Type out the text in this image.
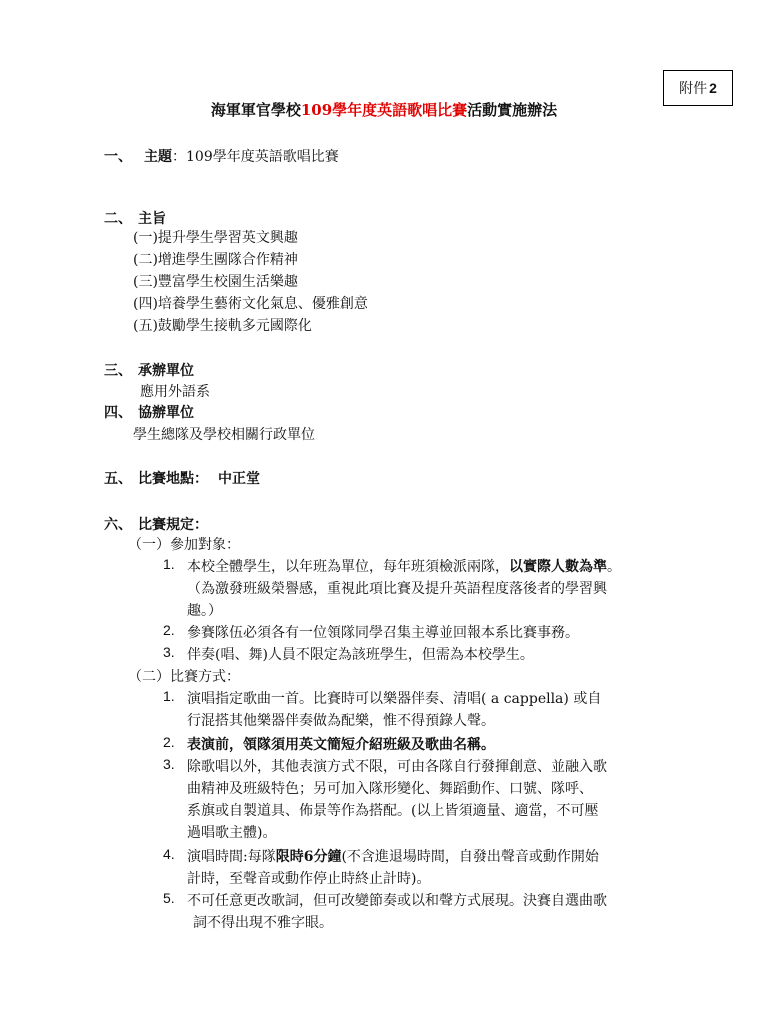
附件 2
海軍軍官學校109學年度英語歌唱比賽活動實施辦法
一、 主題：109學年度英語歌唱比賽
二、 主旨
(一)提升學生學習英文興趣
(二)增進學生團隊合作精神
(三)豐富學生校園生活樂趣
(四)培養學生藝術文化氣息、優雅創意
(五)鼓勵學生接軌多元國際化
三、 承辦單位
應用外語系
四、 協辦單位
學生總隊及學校相關行政單位
五、 比賽地點： 中正堂
六、 比賽規定：
（一）參加對象：
1. 本校全體學生，以年班為單位，每年班須檢派兩隊，以實際人數為準。
（為激發班級榮譽感，重視此項比賽及提升英語程度落後者的學習興
趣。）
2. 參賽隊伍必須各有一位領隊同學召集主導並回報本系比賽事務。
3. 伴奏(唱、舞)人員不限定為該班學生，但需為本校學生。
（二）比賽方式：
1. 演唱指定歌曲一首。比賽時可以樂器伴奏、清唱( a cappella) 或自
行混搭其他樂器伴奏做為配樂，惟不得預錄人聲。
2. 表演前，領隊須用英文簡短介紹班級及歌曲名稱。
3. 除歌唱以外，其他表演方式不限，可由各隊自行發揮創意、並融入歌
曲精神及班級特色；另可加入隊形變化、舞蹈動作、口號、隊呼、
系旗或自製道具、佈景等作為搭配。(以上皆須適量、適當，不可壓
過唱歌主體)。
4. 演唱時間:每隊限時6分鐘(不含進退場時間，自發出聲音或動作開始
計時，至聲音或動作停止時終止計時)。
5. 不可任意更改歌詞，但可改變節奏或以和聲方式展現。決賽自選曲歌
詞不得出現不雅字眼。
